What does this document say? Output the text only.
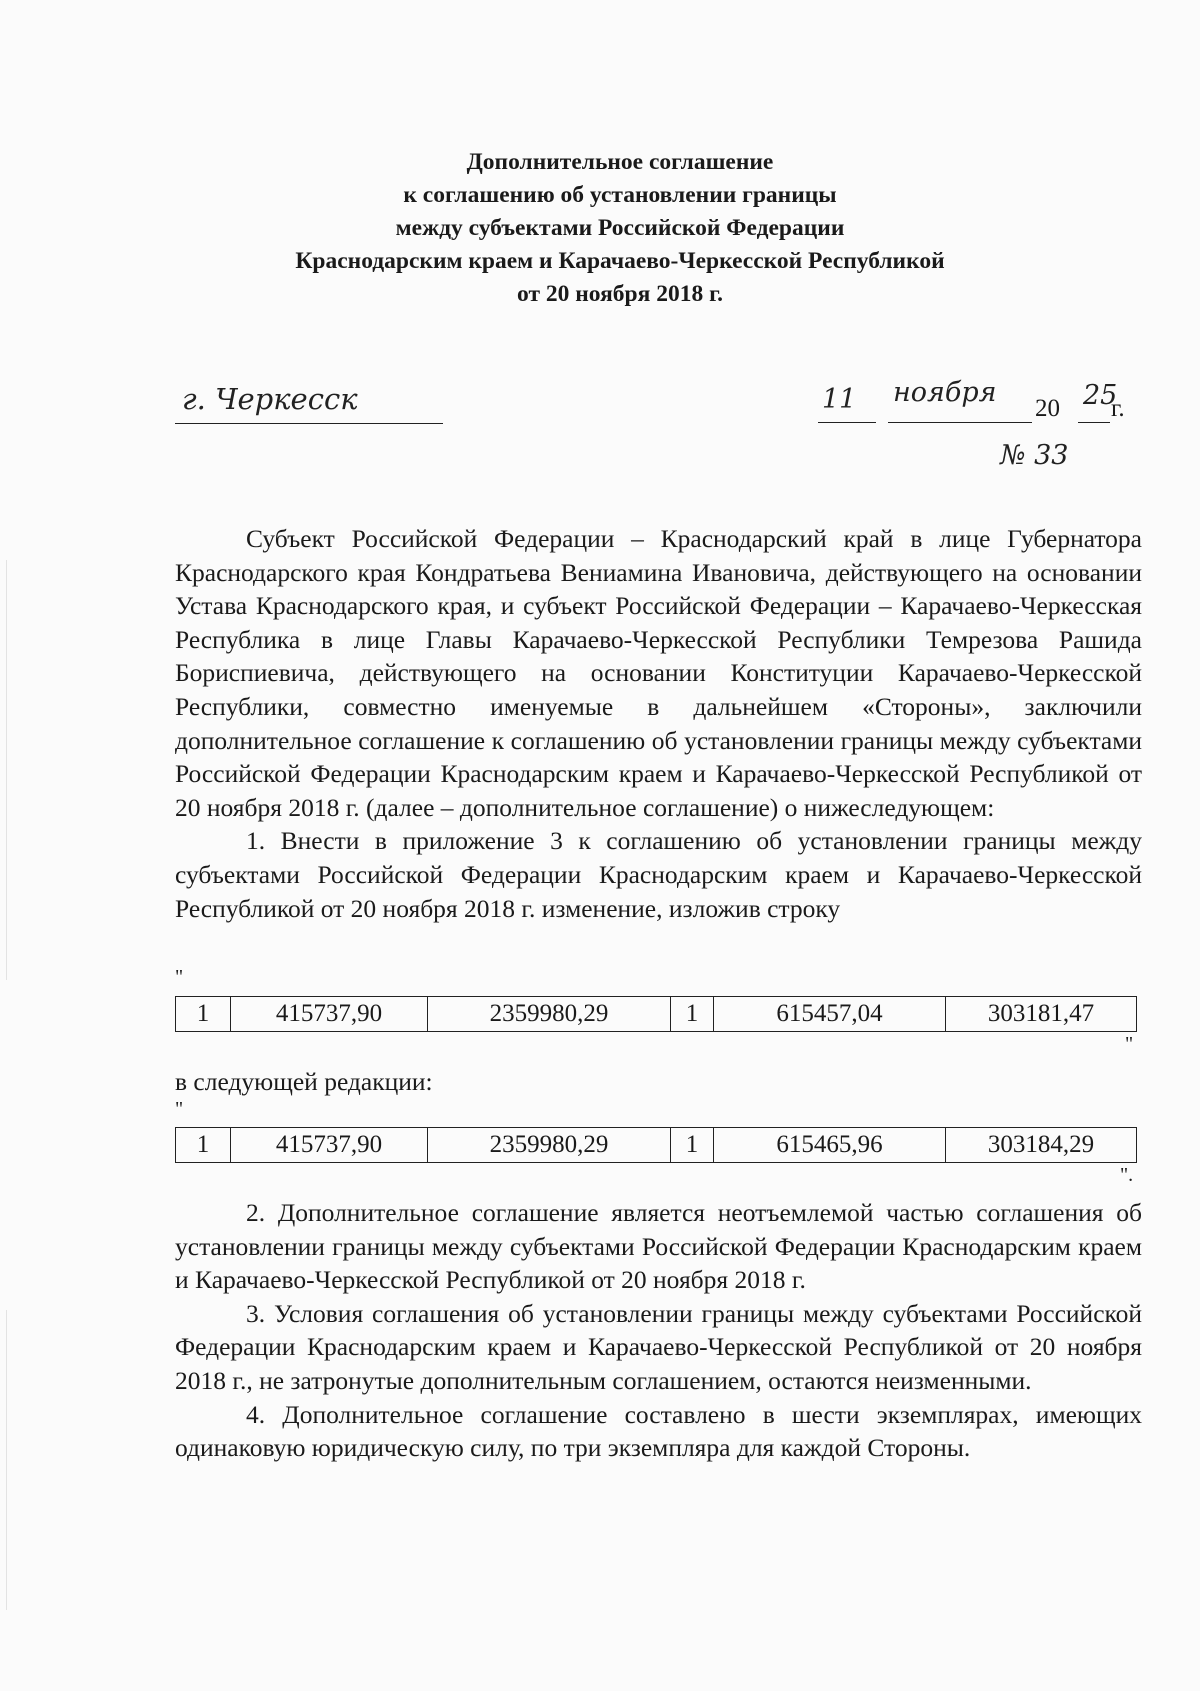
Дополнительное соглашение
к соглашению об установлении границы
между субъектами Российской Федерации
Краснодарским краем и Карачаево-Черкесской Республикой
от 20 ноября 2018 г.
г. Черкесск	11 ноября
20 25
г.
№ 33

Субъект Российской Федерации – Краснодарский край в лице Губернатора Краснодарского края Кондратьева Вениамина Ивановича, действующего на основании Устава Краснодарского края, и субъект Российской Федерации – Карачаево-Черкесская Республика в лице Главы Карачаево-Черкесской Республики Темрезова Рашида Бориспиевича, действующего на основании Конституции Карачаево-Черкесской Республики, совместно именуемые в дальнейшем «Стороны», заключили дополнительное соглашение к соглашению об установлении границы между субъектами Российской Федерации Краснодарским краем и Карачаево-Черкесской Республикой от 20 ноября 2018 г. (далее – дополнительное соглашение) о нижеследующем:

1. Внести в приложение 3 к соглашению об установлении границы между субъектами Российской Федерации Краснодарским краем и Карачаево-Черкесской Республикой от 20 ноября 2018 г. изменение, изложив строку

"
1	415737,90	2359980,29	1	615457,04	303181,47
"

в следующей редакции:

"
1	415737,90	2359980,29	1	615465,96	303184,29
".

2. Дополнительное соглашение является неотъемлемой частью соглашения об установлении границы между субъектами Российской Федерации Краснодарским краем и Карачаево-Черкесской Республикой от 20 ноября 2018 г.

3. Условия соглашения об установлении границы между субъектами Российской Федерации Краснодарским краем и Карачаево-Черкесской Республикой от 20 ноября 2018 г., не затронутые дополнительным соглашением, остаются неизменными.

4. Дополнительное соглашение составлено в шести экземплярах, имеющих одинаковую юридическую силу, по три экземпляра для каждой Стороны.
